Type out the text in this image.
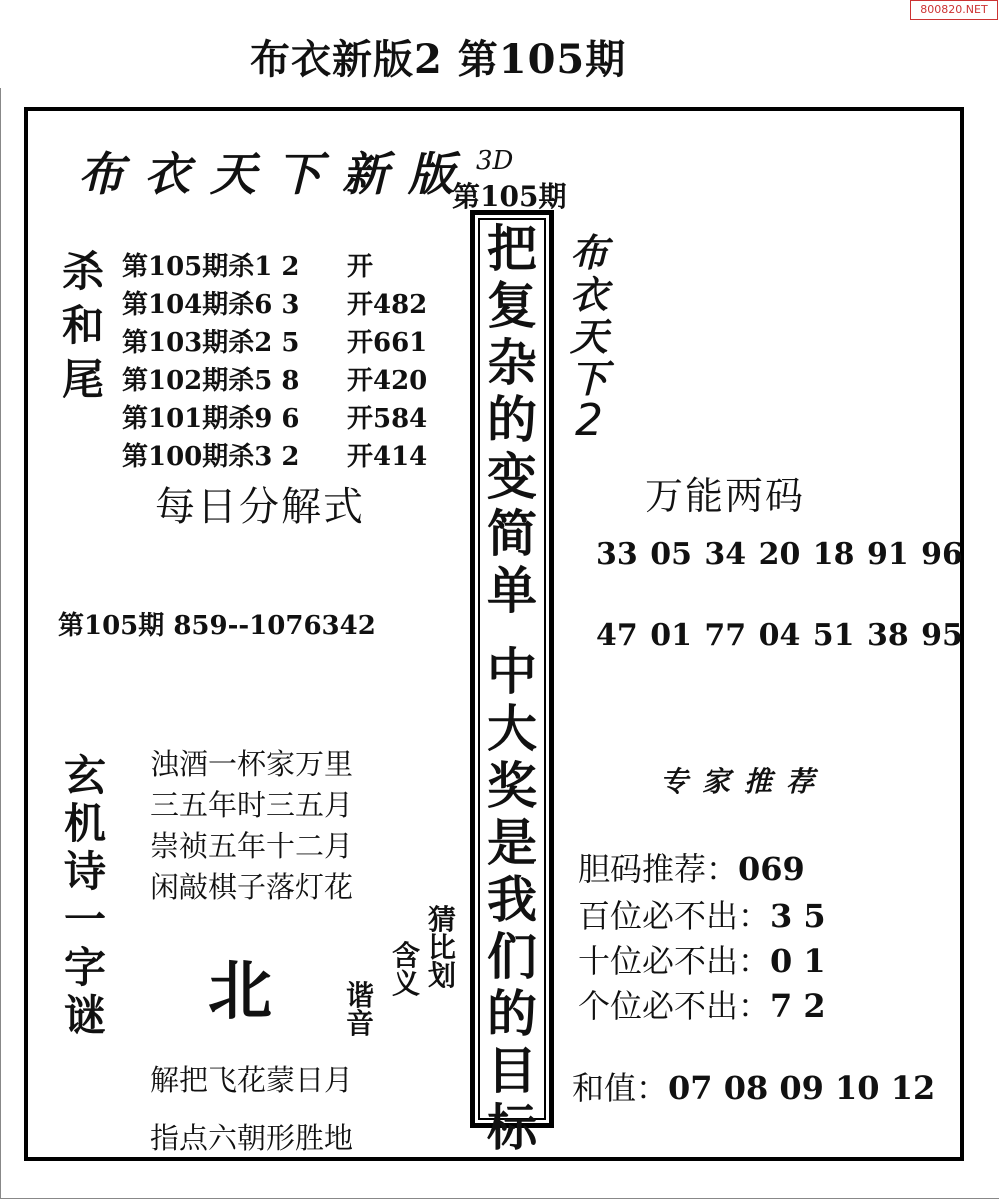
布衣新版2 第105期
800820.NET
布衣天下新版 3D
第105期
杀
和
尾
第105期杀1 2	开
第104期杀6 3	开482
第103期杀2 5	开661
第102期杀5 8	开420
第101期杀9 6	开584
第100期杀3 2	开414
每日分解式
第105期 859--1076342
把
复
杂
的
变
简
单
中
大
奖
是
我
们
的
目
标
布
衣
天
下
2
万能两码
33 05 34 20 18 91 96
47 01 77 04 51 38 95
专家推荐
胆码推荐：069
百位必不出：3 5
十位必不出：0 1
个位必不出：7 2
和值：07 08 09 10 12
玄
机
诗
一
字
谜
浊酒一杯家万里
三五年时三五月
崇祯五年十二月
闲敲棋子落灯花
北
猜
比
划
含
义
谐
音
解把飞花蒙日月
指点六朝形胜地
